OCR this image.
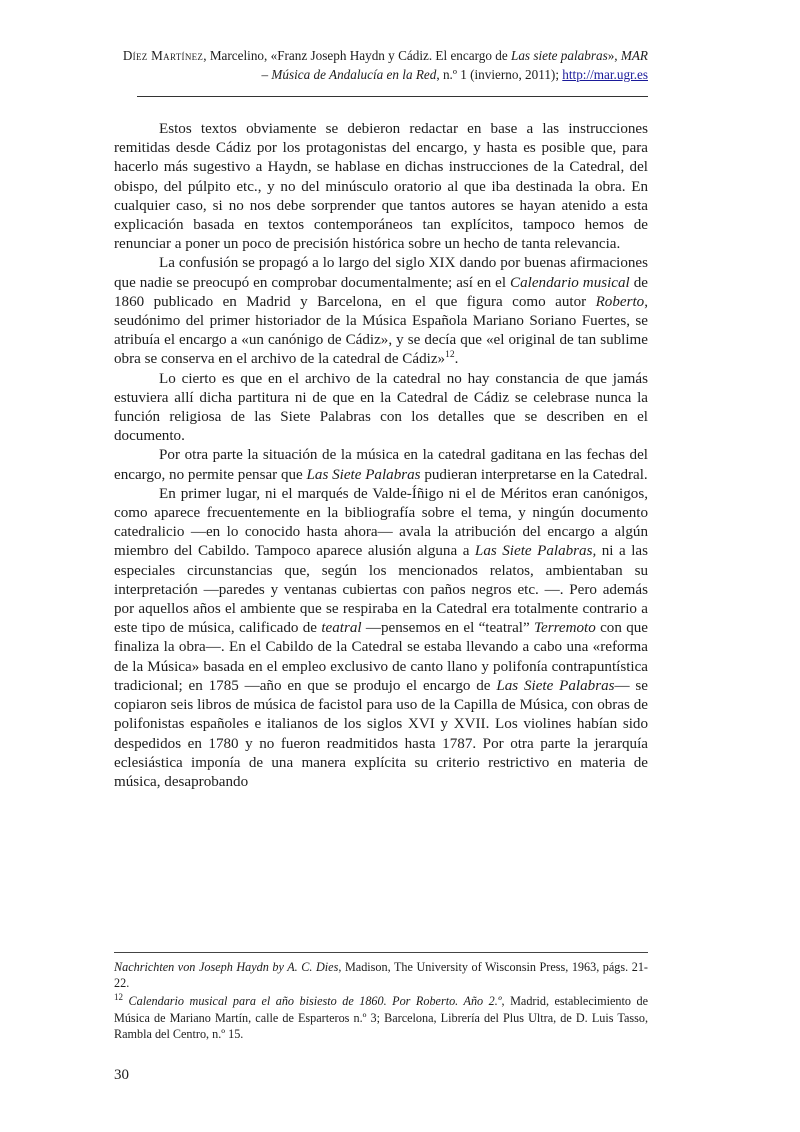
Díez Martínez, Marcelino, «Franz Joseph Haydn y Cádiz. El encargo de Las siete palabras», MAR
– Música de Andalucía en la Red, n.º 1 (invierno, 2011); http://mar.ugr.es

Estos textos obviamente se debieron redactar en base a las instrucciones remitidas desde Cádiz por los protagonistas del encargo, y hasta es posible que, para hacerlo más sugestivo a Haydn, se hablase en dichas instrucciones de la Catedral, del obispo, del púlpito etc., y no del minúsculo oratorio al que iba destinada la obra. En cualquier caso, si no nos debe sorprender que tantos autores se hayan atenido a esta explicación basada en textos contemporáneos tan explícitos, tampoco hemos de renunciar a poner un poco de precisión histórica sobre un hecho de tanta relevancia.

La confusión se propagó a lo largo del siglo XIX dando por buenas afirmaciones que nadie se preocupó en comprobar documentalmente; así en el Calendario musical de 1860 publicado en Madrid y Barcelona, en el que figura como autor Roberto, seudónimo del primer historiador de la Música Española Mariano Soriano Fuertes, se atribuía el encargo a «un canónigo de Cádiz», y se decía que «el original de tan sublime obra se conserva en el archivo de la catedral de Cádiz»$^{12}$.

Lo cierto es que en el archivo de la catedral no hay constancia de que jamás estuviera allí dicha partitura ni de que en la Catedral de Cádiz se celebrase nunca la función religiosa de las Siete Palabras con los detalles que se describen en el documento.

Por otra parte la situación de la música en la catedral gaditana en las fechas del encargo, no permite pensar que Las Siete Palabras pudieran interpretarse en la Catedral.

En primer lugar, ni el marqués de Valde-Íñigo ni el de Méritos eran canónigos, como aparece frecuentemente en la bibliografía sobre el tema, y ningún documento catedralicio —en lo conocido hasta ahora— avala la atribución del encargo a algún miembro del Cabildo. Tampoco aparece alusión alguna a Las Siete Palabras, ni a las especiales circunstancias que, según los mencionados relatos, ambientaban su interpretación —paredes y ventanas cubiertas con paños negros etc. —. Pero además por aquellos años el ambiente que se respiraba en la Catedral era totalmente contrario a este tipo de música, calificado de teatral —pensemos en el “teatral” Terremoto con que finaliza la obra—. En el Cabildo de la Catedral se estaba llevando a cabo una «reforma de la Música» basada en el empleo exclusivo de canto llano y polifonía contrapuntística tradicional; en 1785 —año en que se produjo el encargo de Las Siete Palabras— se copiaron seis libros de música de facistol para uso de la Capilla de Música, con obras de polifonistas españoles e italianos de los siglos XVI y XVII. Los violines habían sido despedidos en 1780 y no fueron readmitidos hasta 1787. Por otra parte la jerarquía eclesiástica imponía de una manera explícita su criterio restrictivo en materia de música, desaprobando

Nachrichten von Joseph Haydn by A. C. Dies, Madison, The University of Wisconsin Press, 1963, págs. 21-22.

$^{12}$ Calendario musical para el año bisiesto de 1860. Por Roberto. Año 2.º, Madrid, establecimiento de Música de Mariano Martín, calle de Esparteros n.º 3; Barcelona, Librería del Plus Ultra, de D. Luis Tasso, Rambla del Centro, n.º 15.

30
